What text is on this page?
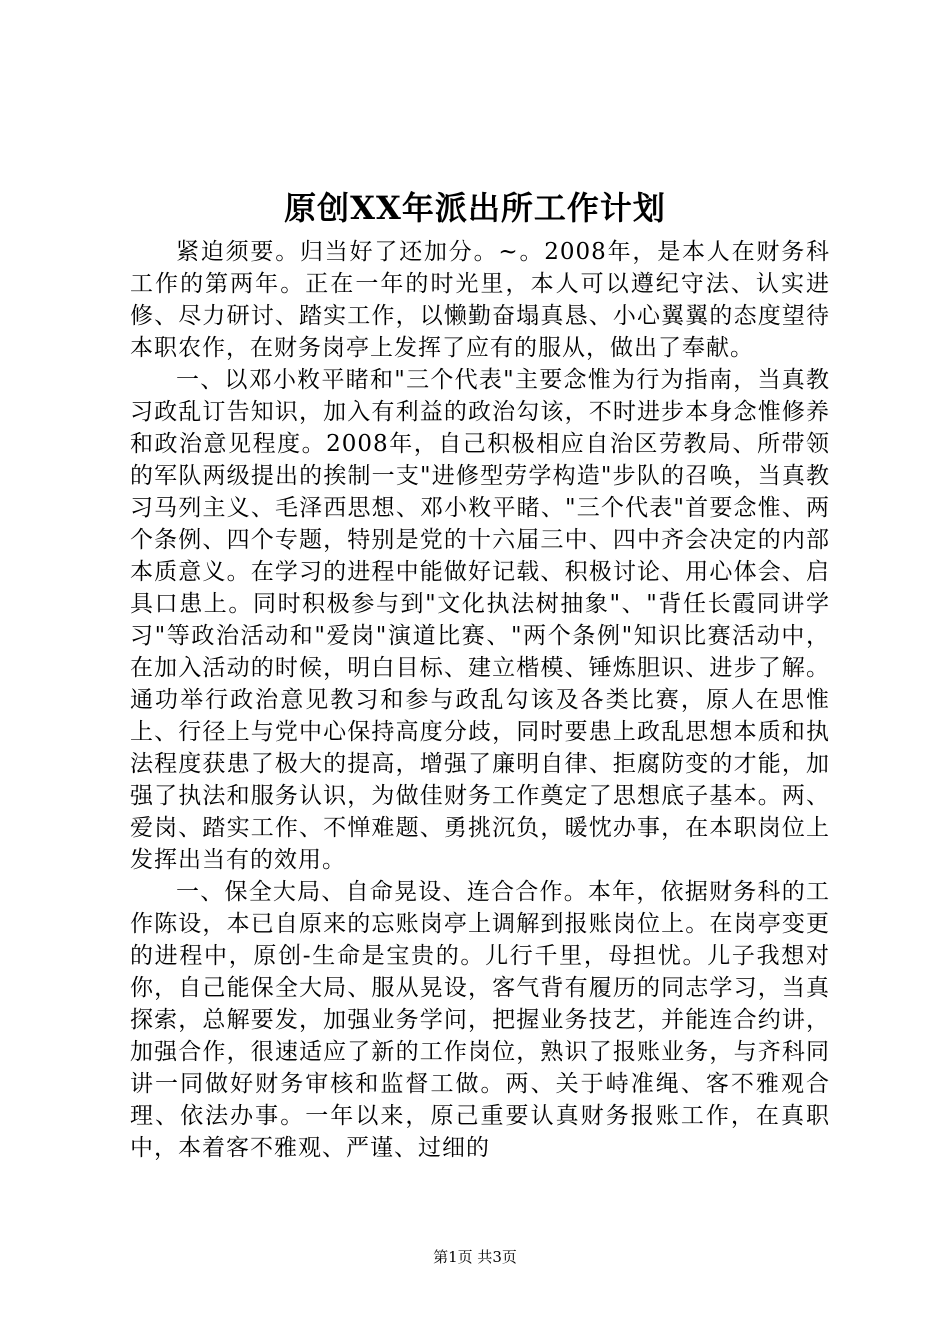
原创XX年派出所工作计划

紧迫须要。归当好了还加分。~。2008年，是本人在财务科工作的第两年。正在一年的时光里，本人可以遵纪守法、认实进修、尽力研讨、踏实工作，以懒勤奋塌真恳、小心翼翼的态度望待本职农作，在财务岗亭上发挥了应有的服从，做出了奉献。

一、以邓小敉平睹和"三个代表"主要念惟为行为指南，当真教习政乱订告知识，加入有利益的政治勾该，不时进步本身念惟修养和政治意见程度。2008年，自己积极相应自治区劳教局、所带领的军队两级提出的挨制一支"进修型劳学构造"步队的召唤，当真教习马列主义、毛泽西思想、邓小敉平睹、"三个代表"首要念惟、两个条例、四个专题，特别是党的十六届三中、四中齐会决定的内部本质意义。在学习的进程中能做好记载、积极讨论、用心体会、启具口患上。同时积极参与到"文化执法树抽象"、"背任长霞同讲学习"等政治活动和"爱岗"演道比赛、"两个条例"知识比赛活动中，在加入活动的时候，明白目标、建立楷模、锤炼胆识、进步了解。通功举行政治意见教习和参与政乱勾该及各类比赛，原人在思惟上、行径上与党中心保持高度分歧，同时要患上政乱思想本质和执法程度获患了极大的提高，增强了廉明自律、拒腐防变的才能，加强了执法和服务认识，为做佳财务工作奠定了思想底子基本。两、爱岗、踏实工作、不惮难题、勇挑沉负，暖忱办事，在本职岗位上发挥出当有的效用。

一、保全大局、自命晃设、连合合作。本年，依据财务科的工作陈设，本已自原来的忘账岗亭上调解到报账岗位上。在岗亭变更的进程中，原创-生命是宝贵的。儿行千里，母担忧。儿子我想对你，自己能保全大局、服从晃设，客气背有履历的同志学习，当真探索，总解要发，加强业务学问，把握业务技艺，并能连合约讲，加强合作，很速适应了新的工作岗位，熟识了报账业务，与齐科同讲一同做好财务审核和监督工做。两、关于峙准绳、客不雅观合理、依法办事。一年以来，原己重要认真财务报账工作，在真职中，本着客不雅观、严谨、过细的

第1页 共3页
